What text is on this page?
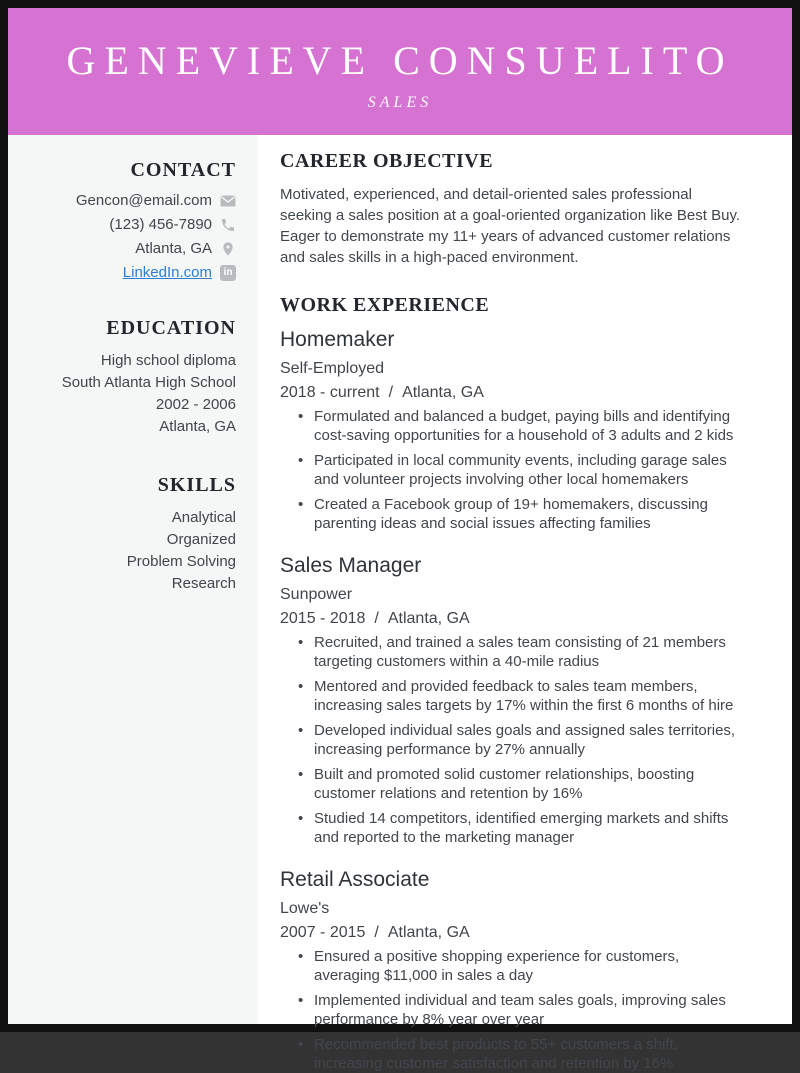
GENEVIEVE CONSUELITO
SALES
CONTACT
Gencon@email.com
(123) 456-7890
Atlanta, GA
LinkedIn.com	in
EDUCATION
High school diploma
South Atlanta High School
2002 - 2006
Atlanta, GA
SKILLS
Analytical
Organized
Problem Solving
Research
CAREER OBJECTIVE

Motivated, experienced, and detail-oriented sales professional seeking a sales position at a goal-oriented organization like Best Buy. Eager to demonstrate my 11+ years of advanced customer relations and sales skills in a high-paced environment.

WORK EXPERIENCE
Homemaker
Self-Employed
2018 - current / Atlanta, GA
• Formulated and balanced a budget, paying bills and identifying cost-saving opportunities for a household of 3 adults and 2 kids
• Participated in local community events, including garage sales and volunteer projects involving other local homemakers
• Created a Facebook group of 19+ homemakers, discussing parenting ideas and social issues affecting families
Sales Manager
Sunpower
2015 - 2018 / Atlanta, GA
• Recruited, and trained a sales team consisting of 21 members targeting customers within a 40-mile radius
• Mentored and provided feedback to sales team members, increasing sales targets by 17% within the first 6 months of hire
• Developed individual sales goals and assigned sales territories, increasing performance by 27% annually
• Built and promoted solid customer relationships, boosting customer relations and retention by 16%
• Studied 14 competitors, identified emerging markets and shifts and reported to the marketing manager
Retail Associate
Lowe's
2007 - 2015 / Atlanta, GA
• Ensured a positive shopping experience for customers, averaging $11,000 in sales a day
• Implemented individual and team sales goals, improving sales performance by 8% year over year
• Recommended best products to 55+ customers a shift, increasing customer satisfaction and retention by 16%
